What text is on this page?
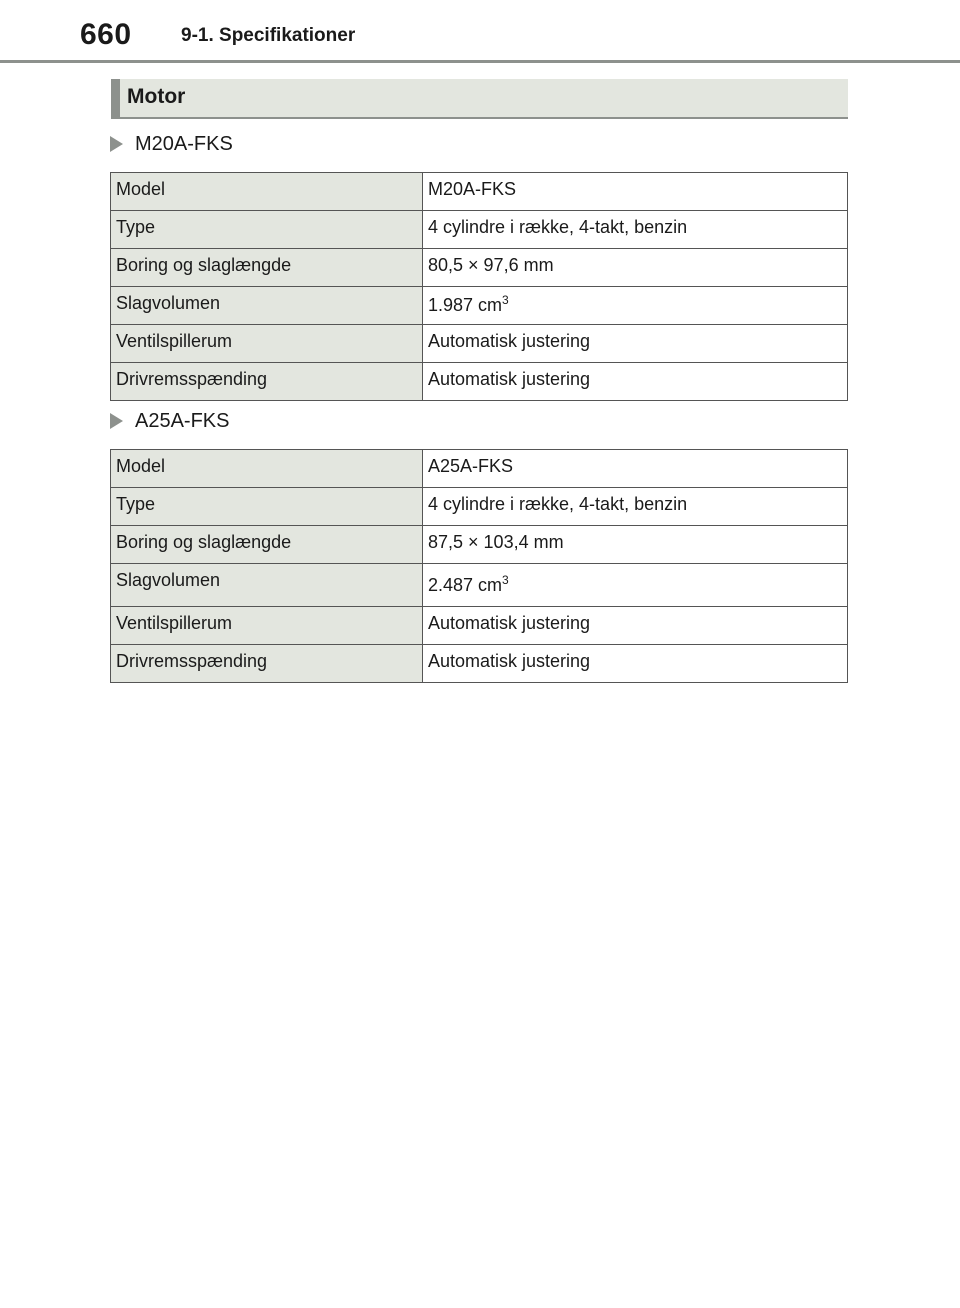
660	9-1. Specifikationer
Motor
M20A-FKS
Model	M20A-FKS
Type	4 cylindre i række, 4-takt, benzin
Boring og slaglængde	80,5 × 97,6 mm
Slagvolumen	1.987 $cm^3$
Ventilspillerum	Automatisk justering
Drivremsspænding	Automatisk justering
A25A-FKS
Model	A25A-FKS
Type	4 cylindre i række, 4-takt, benzin
Boring og slaglængde	87,5 × 103,4 mm
Slagvolumen	2.487 $cm^3$
Ventilspillerum	Automatisk justering
Drivremsspænding	Automatisk justering
